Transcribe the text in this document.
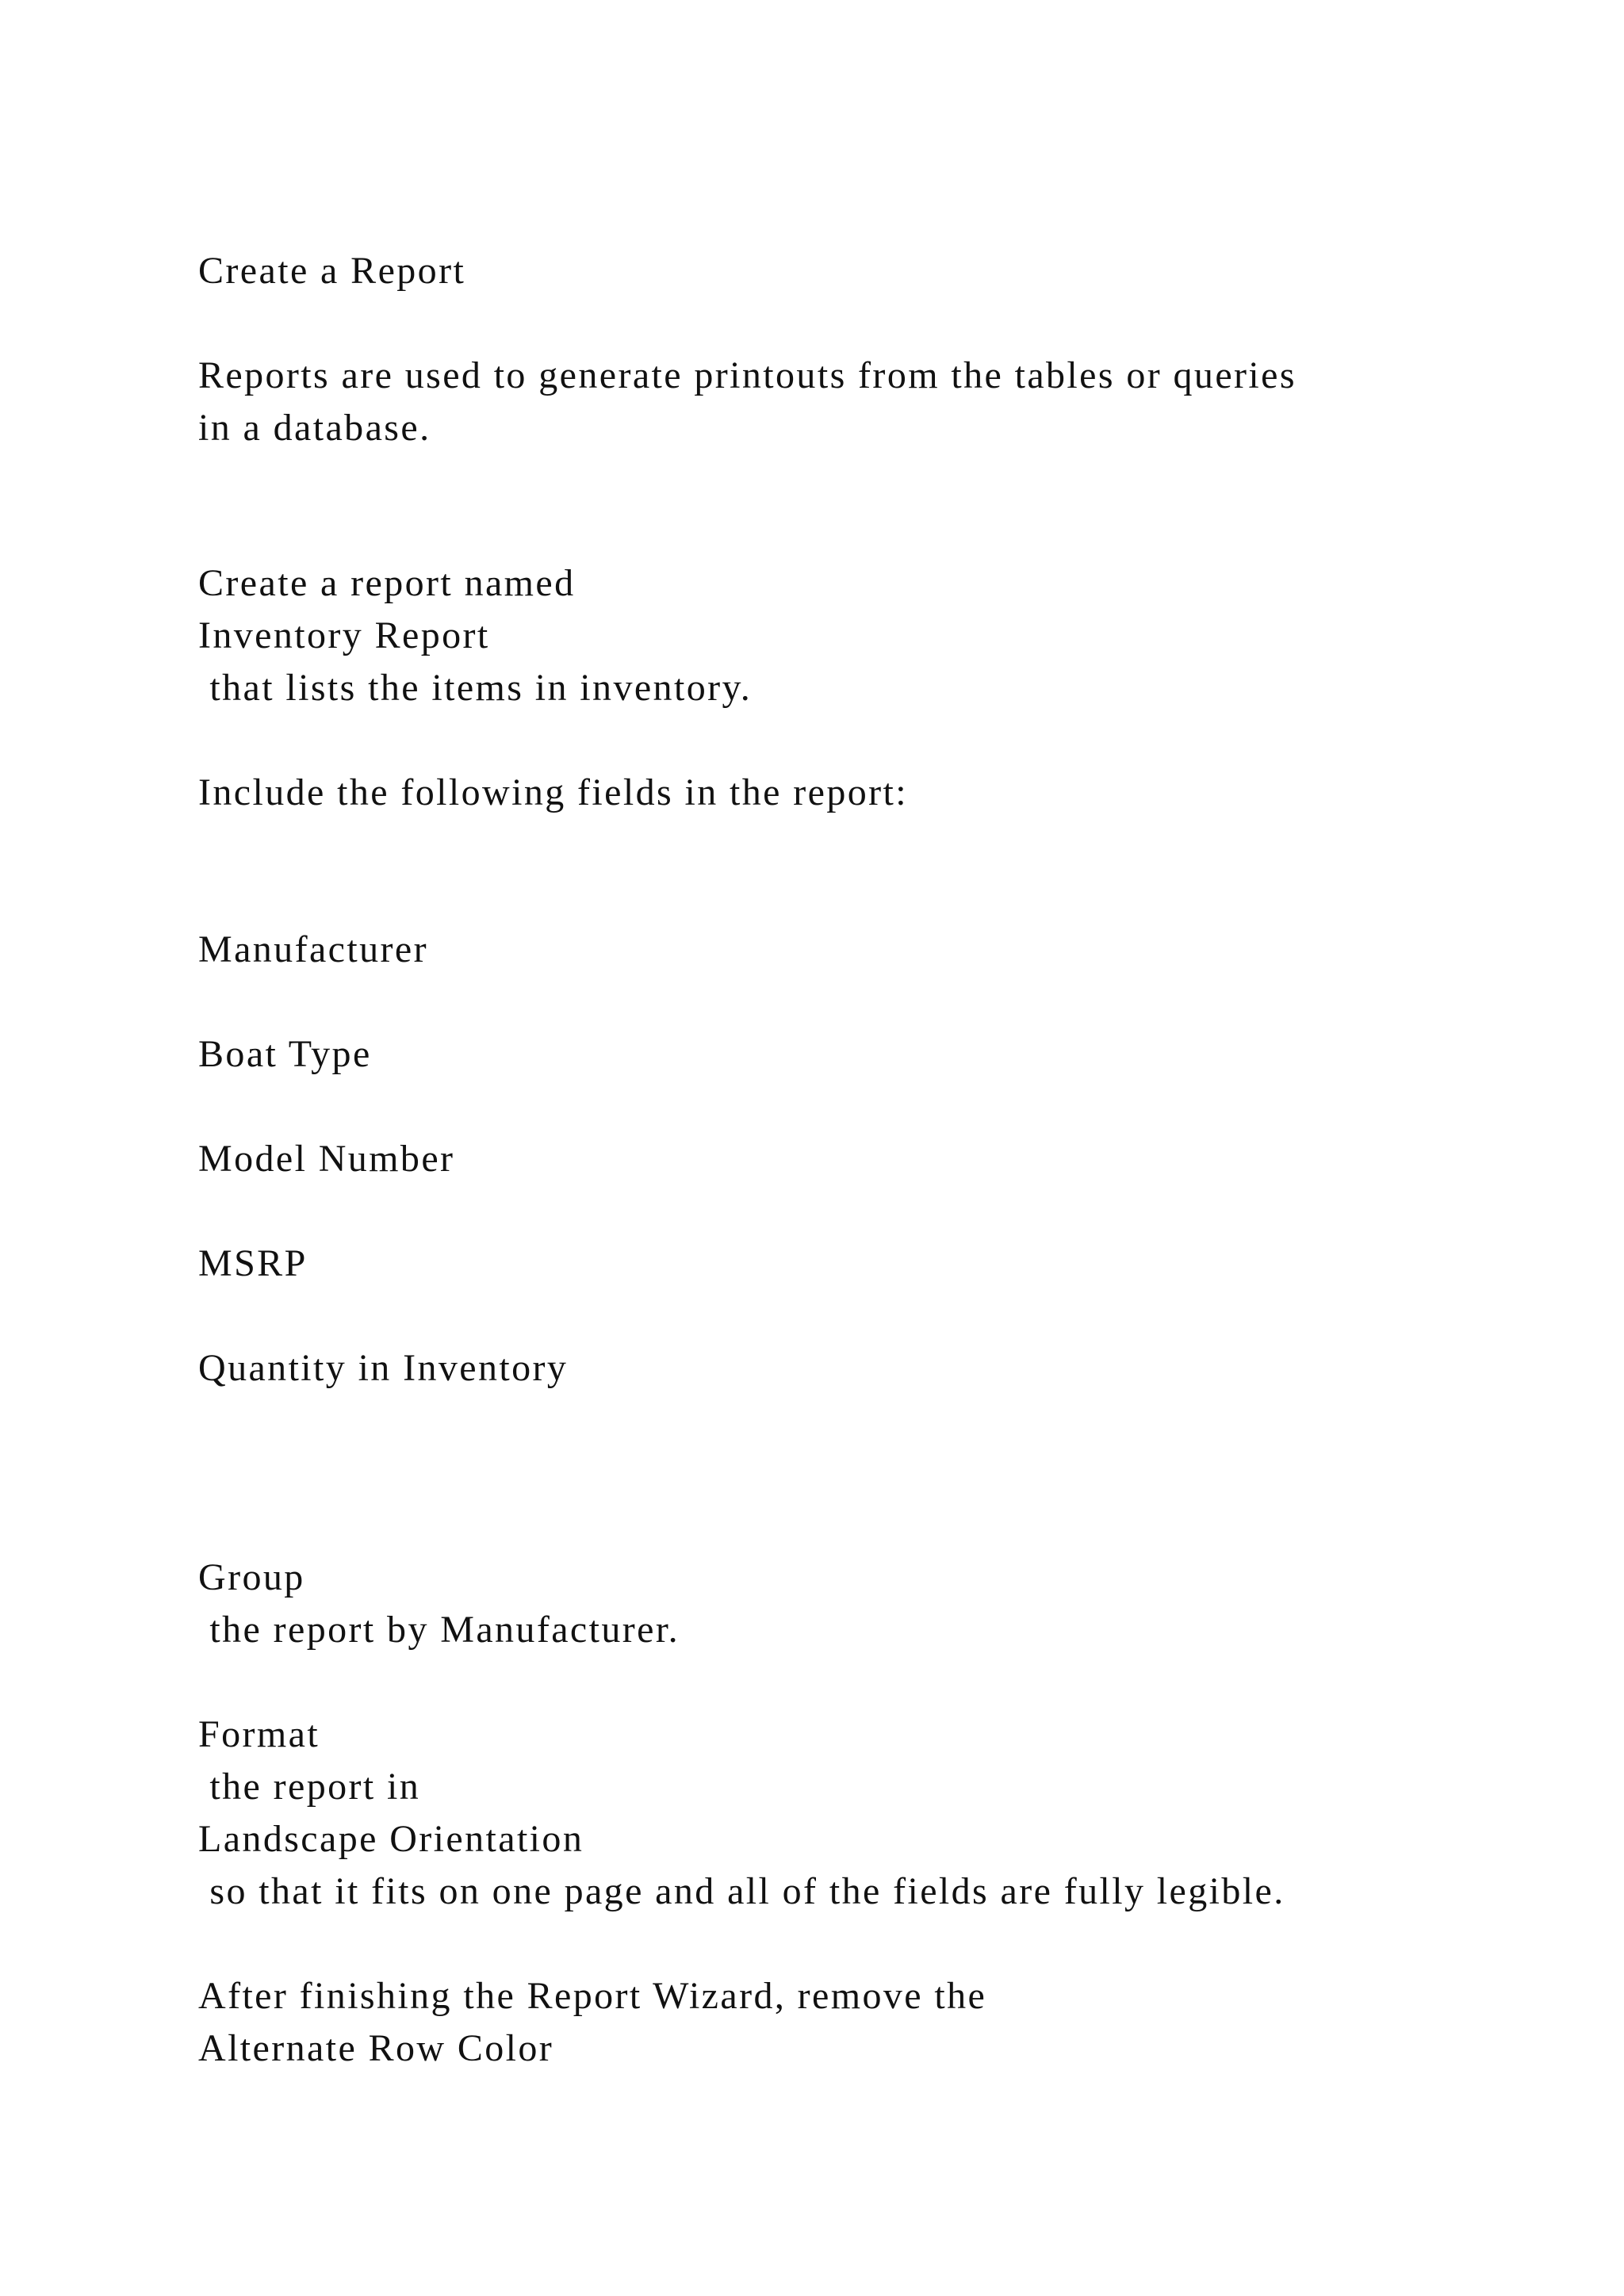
Create a Report

Reports are used to generate printouts from the tables or queries

in a database.

Create a report named

Inventory Report

that lists the items in inventory.

Include the following fields in the report:

Manufacturer

Boat Type

Model Number

MSRP

Quantity in Inventory

Group

the report by Manufacturer.

Format

the report in

Landscape Orientation

so that it fits on one page and all of the fields are fully legible.

After finishing the Report Wizard, remove the

Alternate Row Color
